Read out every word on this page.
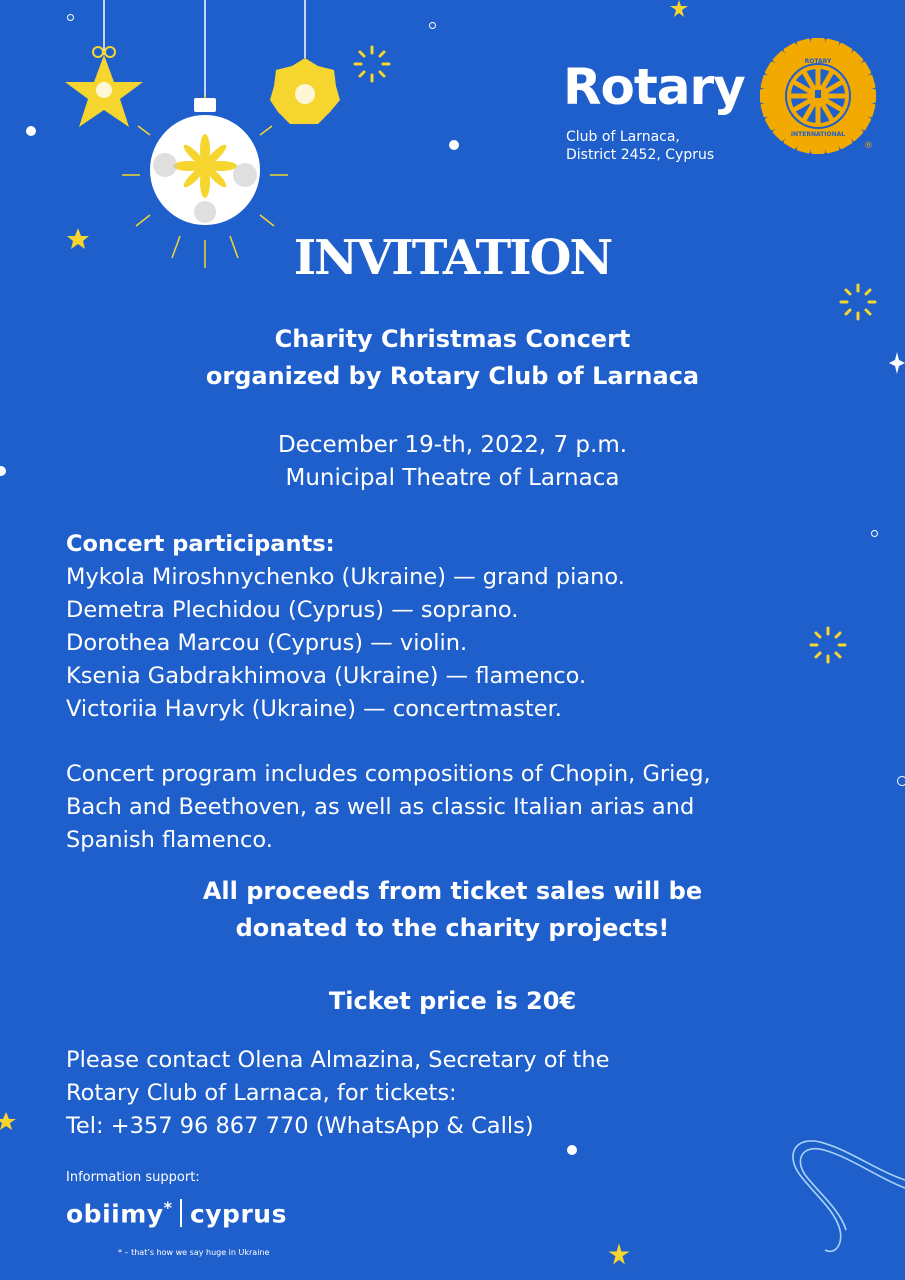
Rotary
Club of Larnaca,
District 2452, Cyprus
ROTARY
INTERNATIONAL
®
INVITATION
Charity Christmas Concert
organized by Rotary Club of Larnaca
December 19-th, 2022, 7 p.m.
Municipal Theatre of Larnaca
Concert participants:
Mykola Miroshnychenko (Ukraine) — grand piano.
Demetra Plechidou (Cyprus) — soprano.
Dorothea Marcou (Cyprus) — violin.
Ksenia Gabdrakhimova (Ukraine) — flamenco.
Victoriia Havryk (Ukraine) — concertmaster.
Concert program includes compositions of Chopin, Grieg,
Bach and Beethoven, as well as classic Italian arias and
Spanish flamenco.
All proceeds from ticket sales will be
donated to the charity projects!
Ticket price is 20€
Please contact Olena Almazina, Secretary of the
Rotary Club of Larnaca, for tickets:
Tel: +357 96 867 770 (WhatsApp & Calls)
Information support:
obiimy* cyprus
* – that’s how we say huge in Ukraine
